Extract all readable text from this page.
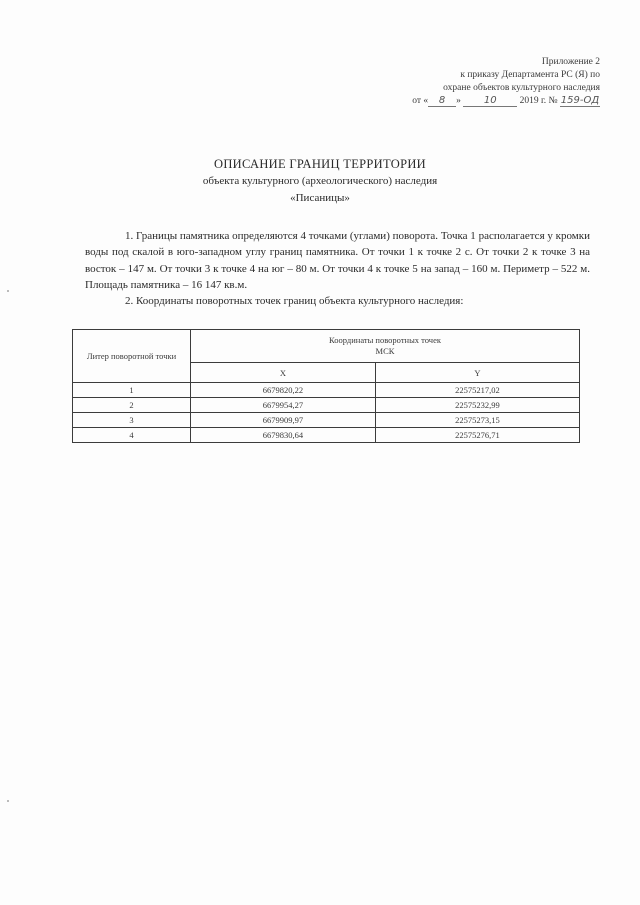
Приложение 2
к приказу Департамента РС (Я) по
охране объектов культурного наследия
от « 8 » 10 2019 г. № 159-ОД
ОПИСАНИЕ ГРАНИЦ ТЕРРИТОРИИ
объекта культурного (археологического) наследия
«Писаницы»

1. Границы памятника определяются 4 точками (углами) поворота. Точка 1 располагается у кромки воды под скалой в юго-западном углу границ памятника. От точки 1 к точке 2 с. От точки 2 к точке 3 на восток – 147 м. От точки 3 к точке 4 на юг – 80 м. От точки 4 к точке 5 на запад – 160 м. Периметр – 522 м. Площадь памятника – 16 147 кв.м.

2. Координаты поворотных точек границ объекта культурного наследия:

Литер поворотной точки	Координаты поворотных точек
МСК	
	X	Y
1	6679820,22	22575217,02
2	6679954,27	22575232,99
3	6679909,97	22575273,15
4	6679830,64	22575276,71
